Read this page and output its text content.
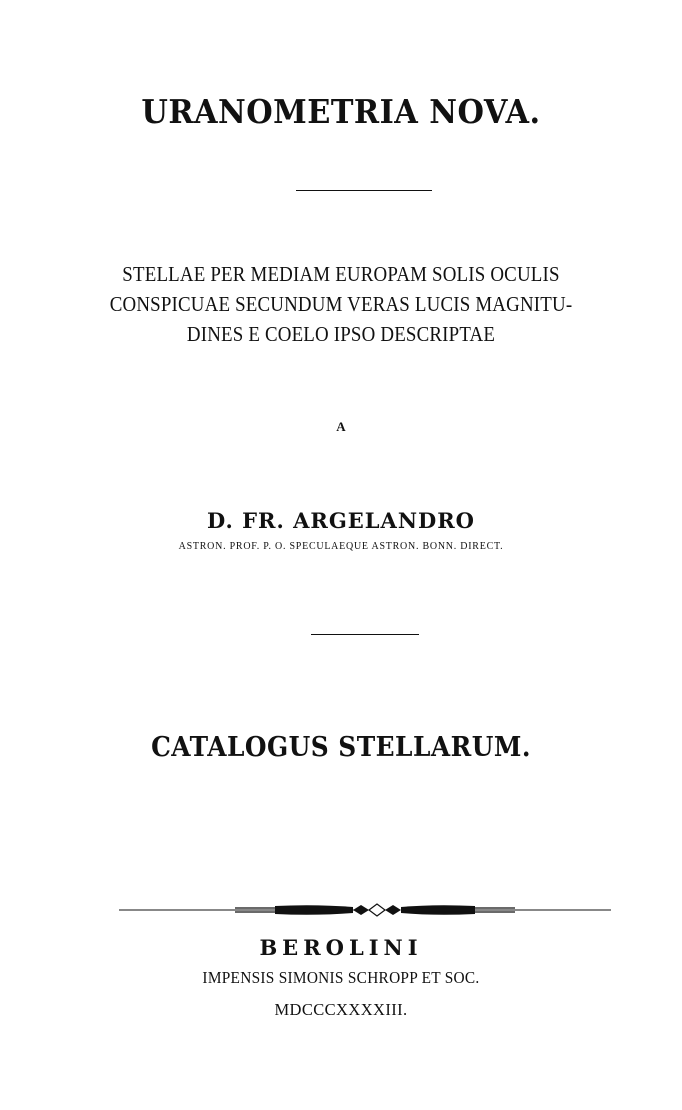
URANOMETRIA NOVA.
STELLAE PER MEDIAM EUROPAM SOLIS OCULIS
CONSPICUAE SECUNDUM VERAS LUCIS MAGNITU-
DINES E COELO IPSO DESCRIPTAE
A
D. FR. ARGELANDRO
ASTRON. PROF. P. O. SPECULAEQUE ASTRON. BONN. DIRECT.
CATALOGUS STELLARUM.
BEROLINI
IMPENSIS SIMONIS SCHROPP ET SOC.
MDCCCXXXXIII.
